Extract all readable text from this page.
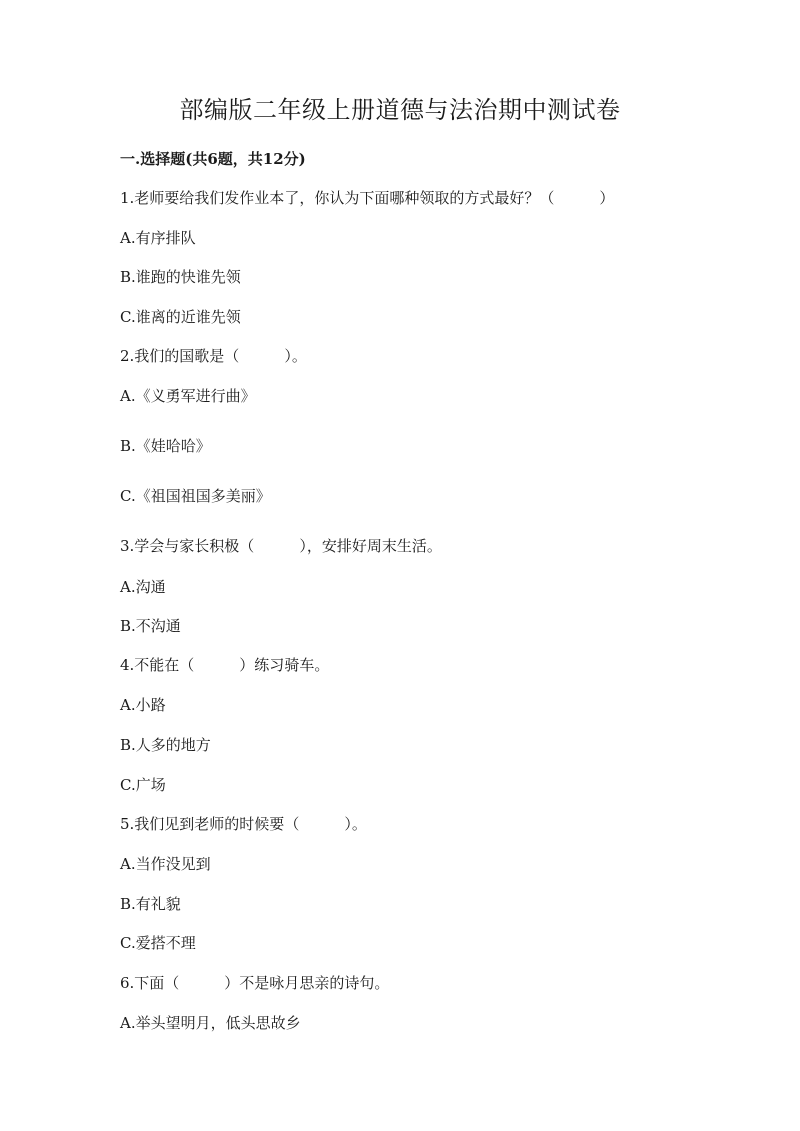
部编版二年级上册道德与法治期中测试卷
一.选择题(共6题，共12分)

1.老师要给我们发作业本了，你认为下面哪种领取的方式最好？（　　　）

A.有序排队

B.谁跑的快谁先领

C.谁离的近谁先领

2.我们的国歌是（　　　）。

A.《义勇军进行曲》

B.《娃哈哈》

C.《祖国祖国多美丽》

3.学会与家长积极（　　　），安排好周末生活。

A.沟通

B.不沟通

4.不能在（　　　）练习骑车。

A.小路

B.人多的地方

C.广场

5.我们见到老师的时候要（　　　）。

A.当作没见到

B.有礼貌

C.爱搭不理

6.下面（　　　）不是咏月思亲的诗句。

A.举头望明月，低头思故乡
